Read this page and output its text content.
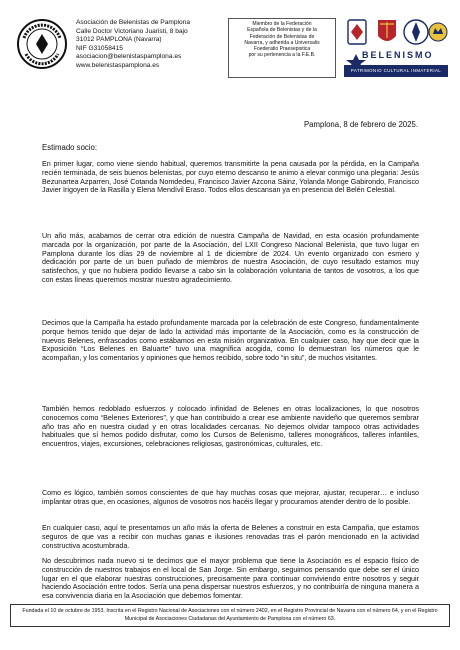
Asociación de Belenistas de Pamplona
Calle Doctor Victoriano Juaristi, 8 bajo
31012 PAMPLONA (Navarra)
NIF G31058415
asociacion@belenistaspamplona.es
www.belenistaspamplona.es
Miembro de la Federación
Española de Belenistas y de la
Federación de Belenistas de
Navarra, y adherida a Universalis
Foederatio Praesepistica
por su pertenencia a la F.E.B.	BELENISMO
PATRIMONIO CULTURAL INMATERIAL
Pamplona, 8 de febrero de 2025.
Estimado socio:

En primer lugar, como viene siendo habitual, queremos transmitirte la pena causada por la pérdida, en la Campaña recién terminada, de seis buenos belenistas, por cuyo eterno descanso te animo a elevar conmigo una plegaria: Jesús Bezunartea Azparren, José Cotanda Nomdedeu, Francisco Javier Azcona Sáinz, Yolanda Monge Gabirondo, Francisco Javier Irigoyen de la Rasilla y Elena Mendívil Eraso. Todos ellos descansan ya en presencia del Belén Celestial.

Un año más, acabamos de cerrar otra edición de nuestra Campaña de Navidad, en esta ocasión profundamente marcada por la organización, por parte de la Asociación, del LXII Congreso Nacional Belenista, que tuvo lugar en Pamplona durante los días 29 de noviembre al 1 de diciembre de 2024. Un evento organizado con esmero y dedicación por parte de un buen puñado de miembros de nuestra Asociación, de cuyo resultado estamos muy satisfechos, y que no hubiera podido llevarse a cabo sin la colaboración voluntaria de tantos de vosotros, a los que con estas líneas queremos mostrar nuestro agradecimiento.

Decimos que la Campaña ha estado profundamente marcada por la celebración de este Congreso, fundamentalmente porque hemos tenido que dejar de lado la actividad más importante de la Asociación, como es la construcción de nuevos Belenes, enfrascados como estábamos en esta misión organizativa. En cualquier caso, hay que decir que la Exposición “Los Belenes en Baluarte” tuvo una magnífica acogida, como lo demuestran los números que le acompañan, y los comentarios y opiniones que hemos recibido, sobre todo “in situ”, de muchos visitantes.

También hemos redoblado esfuerzos y colocado infinidad de Belenes en otras localizaciones, lo que nosotros conocemos como “Belenes Exteriores”, y que han contribuido a crear ese ambiente navideño que queremos sembrar año tras año en nuestra ciudad y en otras localidades cercanas. No dejemos olvidar tampoco otras actividades habituales que sí hemos podido disfrutar, como los Cursos de Belenismo, talleres monográficos, talleres infantiles, encuentros, viajes, excursiones, celebraciones religiosas, gastronómicas, culturales, etc.

Como es lógico, también somos conscientes de que hay muchas cosas que mejorar, ajustar, recuperar… e incluso implantar otras que, en ocasiones, algunos de vosotros nos hacéis llegar y procuramos atender dentro de lo posible.

En cualquier caso, aquí te presentamos un año más la oferta de Belenes a construir en esta Campaña, que estamos seguros de que vas a recibir con muchas ganas e ilusiones renovadas tras el parón mencionado en la actividad constructiva acostumbrada.

No descubrimos nada nuevo si te decimos que el mayor problema que tiene la Asociación es el espacio físico de construcción de nuestros trabajos en el local de San Jorge. Sin embargo, seguimos pensando que debe ser el único lugar en el que elaborar nuestras construcciones, precisamente para continuar conviviendo entre nosotros y seguir haciendo Asociación entre todos. Sería una pena dispersar nuestros esfuerzos, y no contribuiría de ninguna manera a esa convivencia diaria en la Asociación que debemos fomentar.

Fundada el 10 de octubre de 1953. Inscrita en el Registro Nacional de Asociaciones con el número 2402, en el Registro Provincial de Navarra con el número 64, y en el Registro Municipal de Asociaciones Ciudadanas del Ayuntamiento de Pamplona con el número 63.
